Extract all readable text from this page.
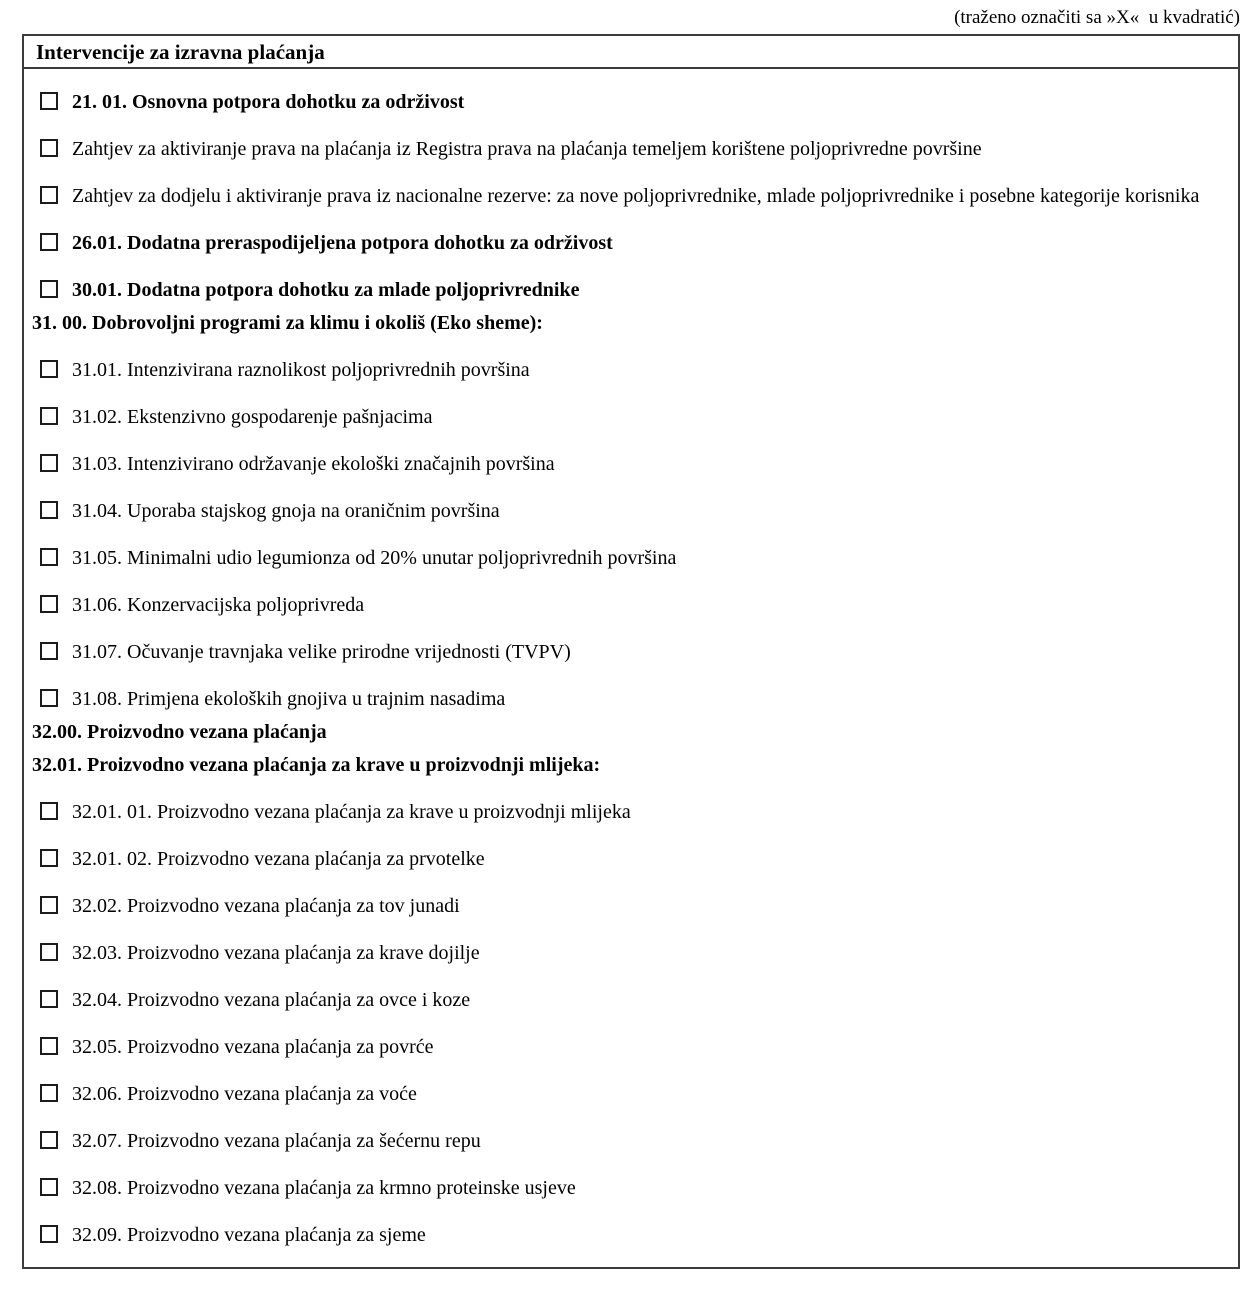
(traženo označiti sa »X«  u kvadratić)
Intervencije za izravna plaćanja
21. 01. Osnovna potpora dohotku za održivost
Zahtjev za aktiviranje prava na plaćanja iz Registra prava na plaćanja temeljem korištene poljoprivredne površine
Zahtjev za dodjelu i aktiviranje prava iz nacionalne rezerve: za nove poljoprivrednike, mlade poljoprivrednike i posebne kategorije korisnika
26.01. Dodatna preraspodijeljena potpora dohotku za održivost
30.01. Dodatna potpora dohotku za mlade poljoprivrednike
31. 00. Dobrovoljni programi za klimu i okoliš (Eko sheme):
31.01. Intenzivirana raznolikost poljoprivrednih površina
31.02. Ekstenzivno gospodarenje pašnjacima
31.03. Intenzivirano održavanje ekološki značajnih površina
31.04. Uporaba stajskog gnoja na oraničnim površina
31.05. Minimalni udio legumionza od 20% unutar poljoprivrednih površina
31.06. Konzervacijska poljoprivreda
31.07. Očuvanje travnjaka velike prirodne vrijednosti (TVPV)
31.08. Primjena ekoloških gnojiva u trajnim nasadima
32.00. Proizvodno vezana plaćanja
32.01. Proizvodno vezana plaćanja za krave u proizvodnji mlijeka:
32.01. 01. Proizvodno vezana plaćanja za krave u proizvodnji mlijeka
32.01. 02. Proizvodno vezana plaćanja za prvotelke
32.02. Proizvodno vezana plaćanja za tov junadi
32.03. Proizvodno vezana plaćanja za krave dojilje
32.04. Proizvodno vezana plaćanja za ovce i koze
32.05. Proizvodno vezana plaćanja za povrće
32.06. Proizvodno vezana plaćanja za voće
32.07. Proizvodno vezana plaćanja za šećernu repu
32.08. Proizvodno vezana plaćanja za krmno proteinske usjeve
32.09. Proizvodno vezana plaćanja za sjeme
